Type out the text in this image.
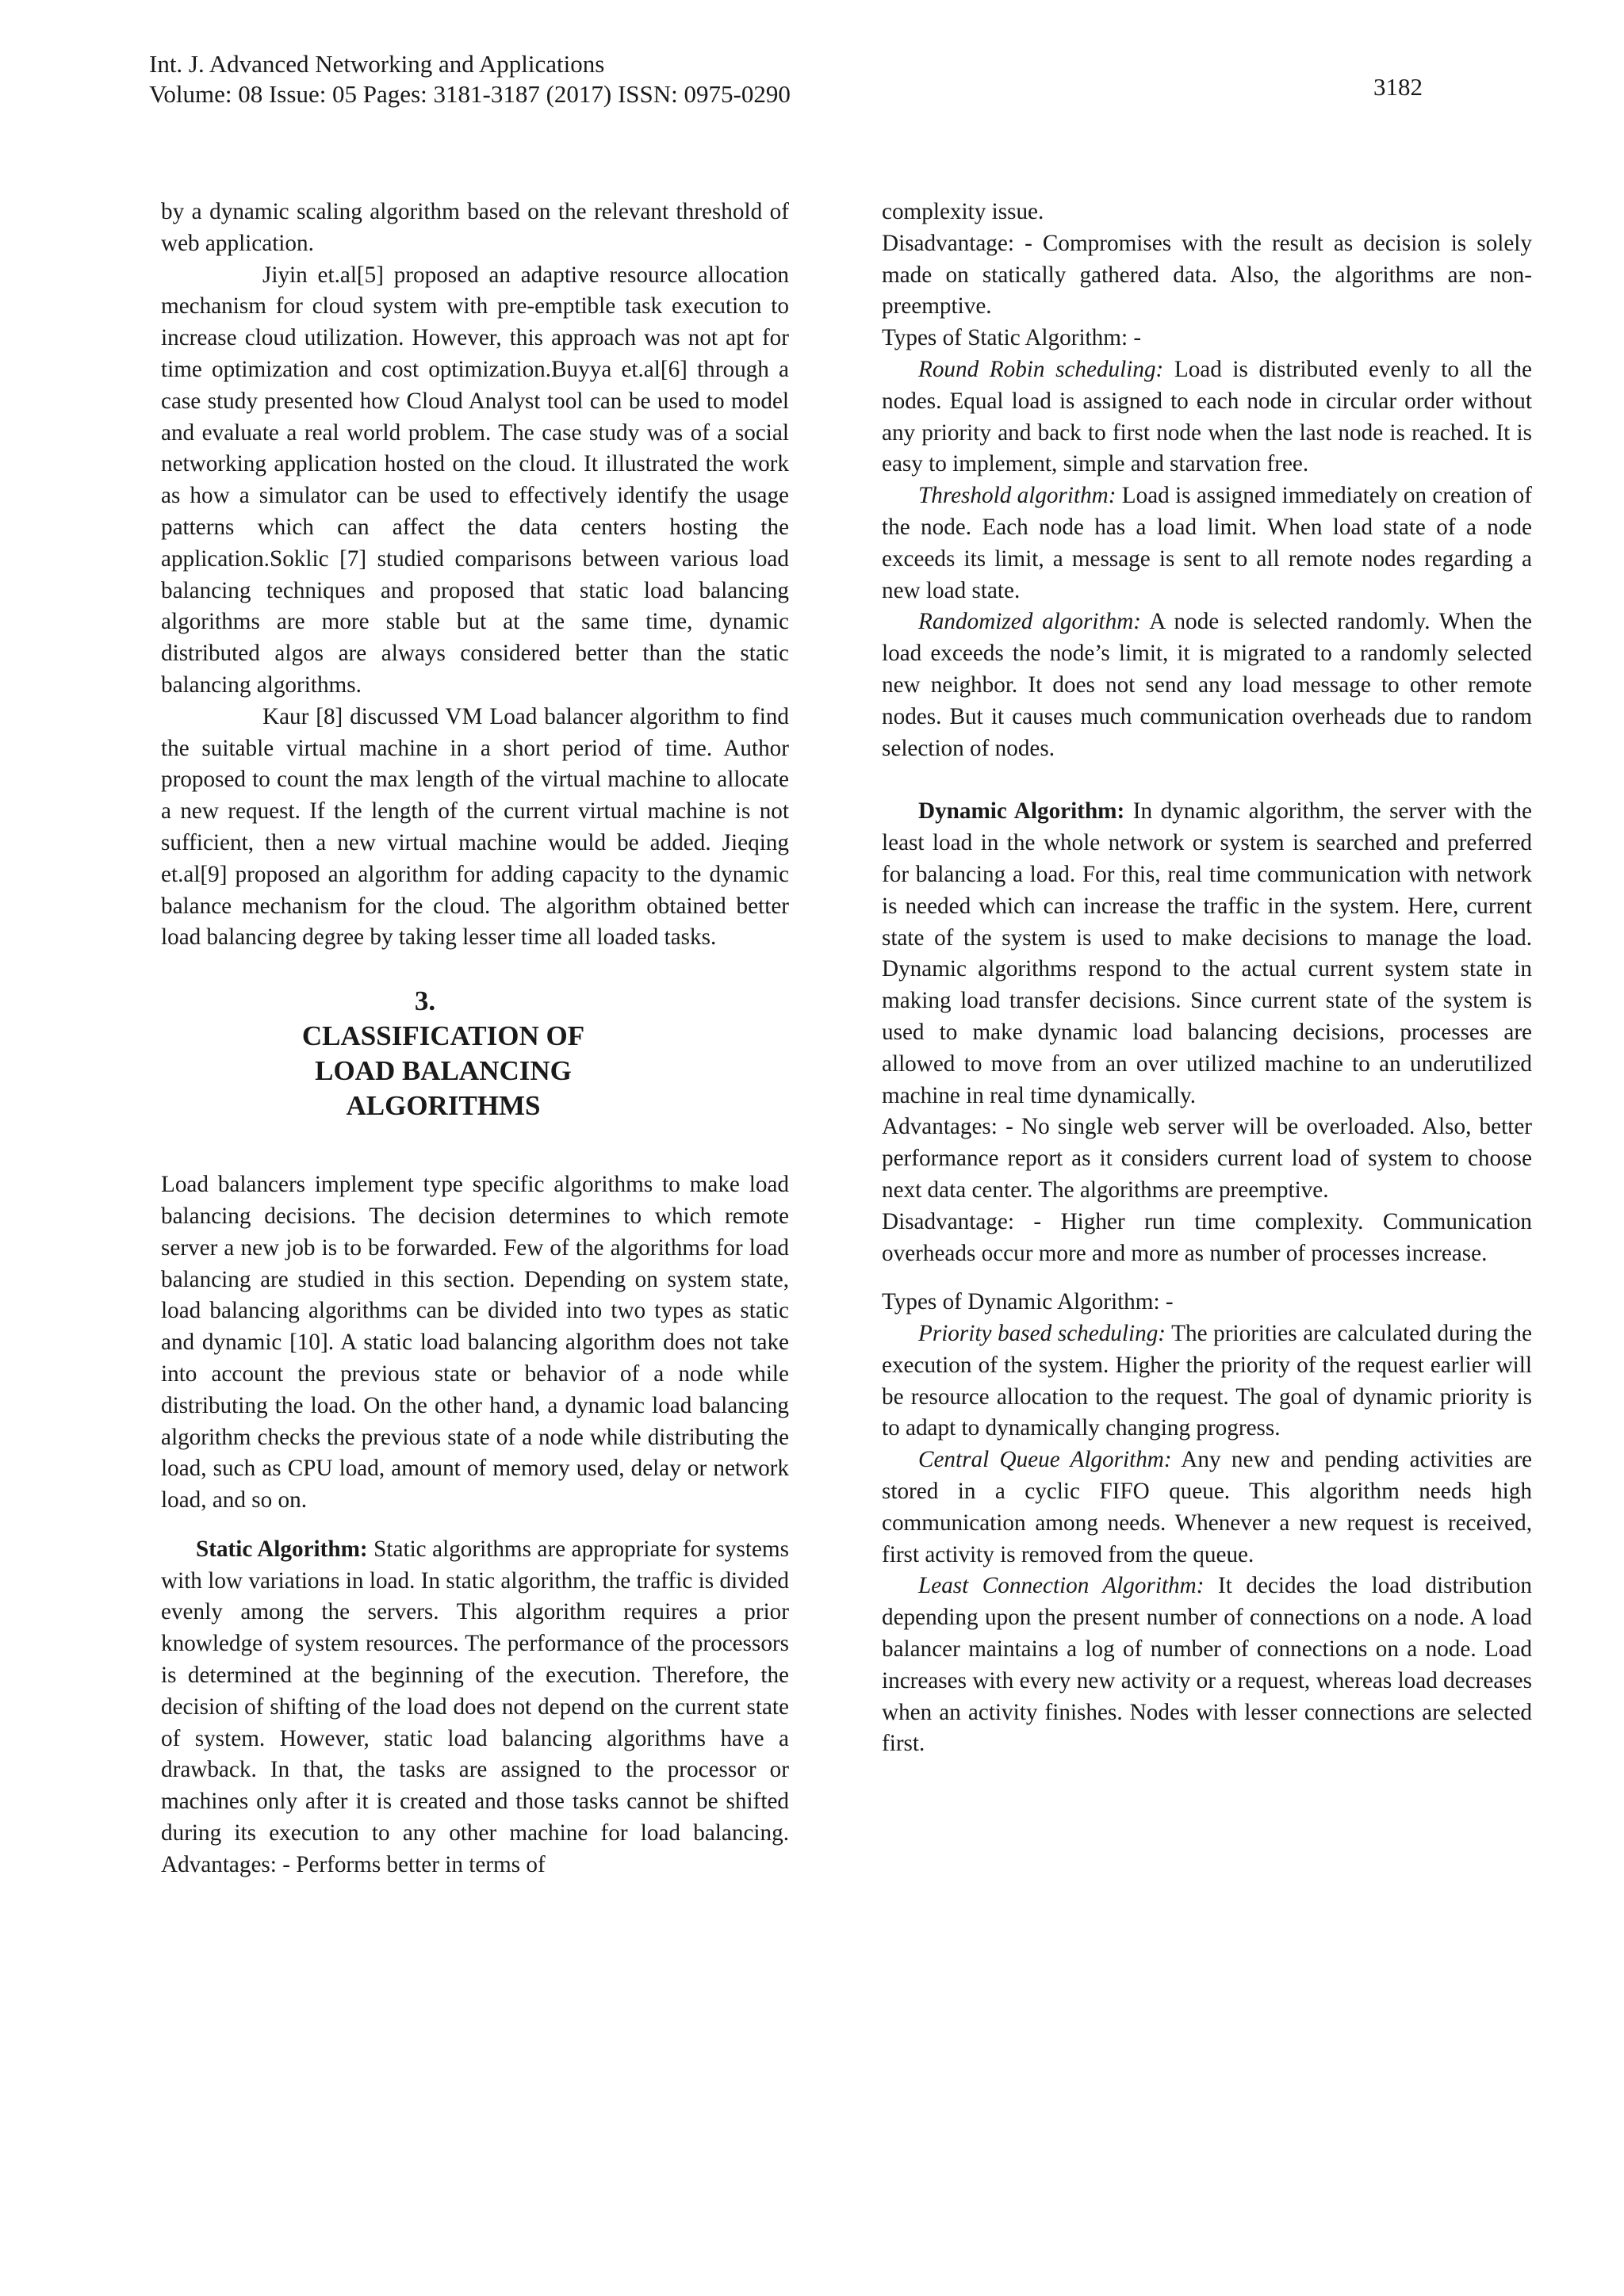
Int. J. Advanced Networking and Applications
Volume: 08 Issue: 05 Pages: 3181-3187 (2017) ISSN: 0975-0290	3182

by a dynamic scaling algorithm based on the relevant threshold of web application.

Jiyin et.al[5] proposed an adaptive resource allocation mechanism for cloud system with pre-emptible task execution to increase cloud utilization. However, this approach was not apt for time optimization and cost optimization.Buyya et.al[6] through a case study presented how Cloud Analyst tool can be used to model and evaluate a real world problem. The case study was of a social networking application hosted on the cloud. It illustrated the work as how a simulator can be used to effectively identify the usage patterns which can affect the data centers hosting the application.Soklic [7] studied comparisons between various load balancing techniques and proposed that static load balancing algorithms are more stable but at the same time, dynamic distributed algos are always considered better than the static balancing algorithms.

Kaur [8] discussed VM Load balancer algorithm to find the suitable virtual machine in a short period of time. Author proposed to count the max length of the virtual machine to allocate a new request. If the length of the current virtual machine is not sufficient, then a new virtual machine would be added. Jieqing et.al[9] proposed an algorithm for adding capacity to the dynamic balance mechanism for the cloud. The algorithm obtained better load balancing degree by taking lesser time all loaded tasks.

3.
CLASSIFICATION OF
LOAD BALANCING
ALGORITHMS

Load balancers implement type specific algorithms to make load balancing decisions. The decision determines to which remote server a new job is to be forwarded. Few of the algorithms for load balancing are studied in this section. Depending on system state, load balancing algorithms can be divided into two types as static and dynamic [10]. A static load balancing algorithm does not take into account the previous state or behavior of a node while distributing the load. On the other hand, a dynamic load balancing algorithm checks the previous state of a node while distributing the load, such as CPU load, amount of memory used, delay or network load, and so on.

Static Algorithm: Static algorithms are appropriate for systems with low variations in load. In static algorithm, the traffic is divided evenly among the servers. This algorithm requires a prior knowledge of system resources. The performance of the processors is determined at the beginning of the execution. Therefore, the decision of shifting of the load does not depend on the current state of system. However, static load balancing algorithms have a drawback. In that, the tasks are assigned to the processor or machines only after it is created and those tasks cannot be shifted during its execution to any other machine for load balancing. Advantages: - Performs better in terms of

complexity issue.

Disadvantage: - Compromises with the result as decision is solely made on statically gathered data. Also, the algorithms are non-preemptive.

Types of Static Algorithm: -

Round Robin scheduling: Load is distributed evenly to all the nodes. Equal load is assigned to each node in circular order without any priority and back to first node when the last node is reached. It is easy to implement, simple and starvation free.

Threshold algorithm: Load is assigned immediately on creation of the node. Each node has a load limit. When load state of a node exceeds its limit, a message is sent to all remote nodes regarding a new load state.

Randomized algorithm: A node is selected randomly. When the load exceeds the node’s limit, it is migrated to a randomly selected new neighbor. It does not send any load message to other remote nodes. But it causes much communication overheads due to random selection of nodes.

Dynamic Algorithm: In dynamic algorithm, the server with the least load in the whole network or system is searched and preferred for balancing a load. For this, real time communication with network is needed which can increase the traffic in the system. Here, current state of the system is used to make decisions to manage the load. Dynamic algorithms respond to the actual current system state in making load transfer decisions. Since current state of the system is used to make dynamic load balancing decisions, processes are allowed to move from an over utilized machine to an underutilized machine in real time dynamically.

Advantages: - No single web server will be overloaded. Also, better performance report as it considers current load of system to choose next data center. The algorithms are preemptive.

Disadvantage: - Higher run time complexity. Communication overheads occur more and more as number of processes increase.

Types of Dynamic Algorithm: -

Priority based scheduling: The priorities are calculated during the execution of the system. Higher the priority of the request earlier will be resource allocation to the request. The goal of dynamic priority is to adapt to dynamically changing progress.

Central Queue Algorithm: Any new and pending activities are stored in a cyclic FIFO queue. This algorithm needs high communication among needs. Whenever a new request is received, first activity is removed from the queue.

Least Connection Algorithm: It decides the load distribution depending upon the present number of connections on a node. A load balancer maintains a log of number of connections on a node. Load increases with every new activity or a request, whereas load decreases when an activity finishes. Nodes with lesser connections are selected first.
